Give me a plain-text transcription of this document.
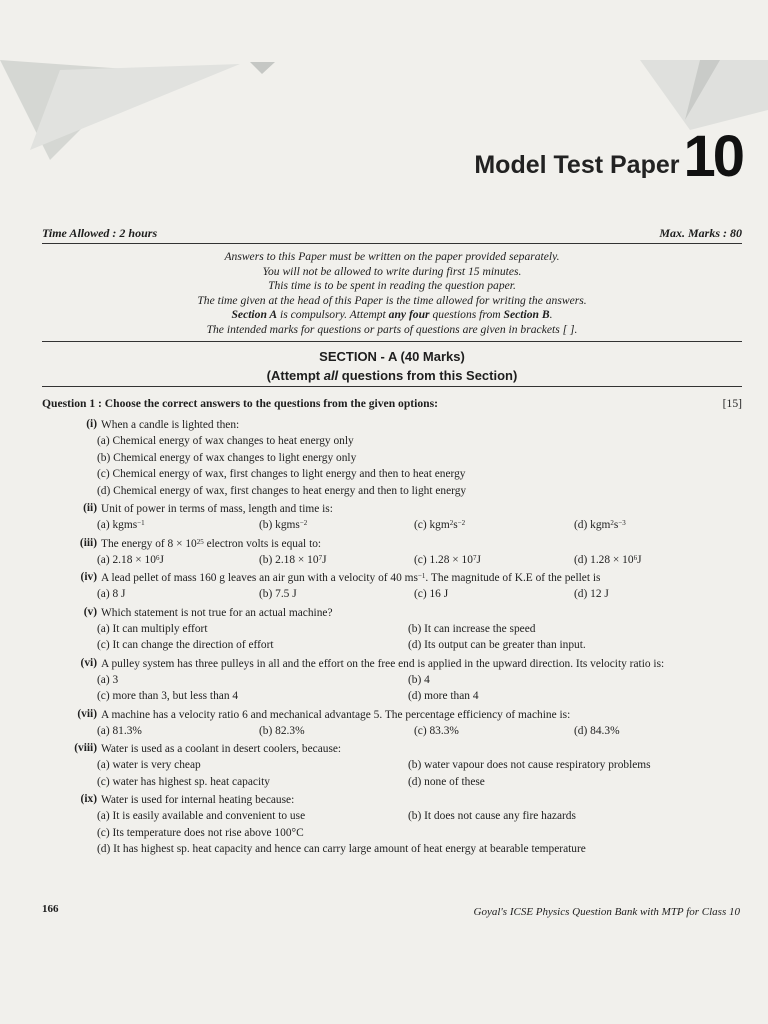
Model Test Paper 10
Time Allowed : 2 hours	Max. Marks : 80
Answers to this Paper must be written on the paper provided separately.
You will not be allowed to write during first 15 minutes.
This time is to be spent in reading the question paper.
The time given at the head of this Paper is the time allowed for writing the answers.
Section A is compulsory. Attempt any four questions from Section B.
The intended marks for questions or parts of questions are given in brackets [ ].
SECTION - A (40 Marks)
(Attempt all questions from this Section)
Question 1 : Choose the correct answers to the questions from the given options:	[15]
(i) When a candle is lighted then:
(a) Chemical energy of wax changes to heat energy only
(b) Chemical energy of wax changes to light energy only
(c) Chemical energy of wax, first changes to light energy and then to heat energy
(d) Chemical energy of wax, first changes to heat energy and then to light energy
(ii) Unit of power in terms of mass, length and time is:
(a) kgms$^{-1}$	(b) kgms$^{-2}$	(c) $kgm^2s^{-2}$	(d) $kgm^2s^{-3}$
(iii) The energy of $8 \times 10^{25}$ electron volts is equal to:
(a) $2.18 \times 10^6J$	(b) $2.18 \times 10^7J$	(c) $1.28 \times 10^7J$	(d) $1.28 \times 10^6J$
(iv) A lead pellet of mass 160 g leaves an air gun with a velocity of 40 $ms^{-1}$. The magnitude of K.E of the pellet is
(a) 8 J	(b) 7.5 J	(c) 16 J	(d) 12 J
(v) Which statement is not true for an actual machine?
(a) It can multiply effort	(b) It can increase the speed
(c) It can change the direction of effort	(d) Its output can be greater than input.
(vi) A pulley system has three pulleys in all and the effort on the free end is applied in the upward direction. Its velocity ratio is:
(a) 3	(b) 4
(c) more than 3, but less than 4	(d) more than 4
(vii) A machine has a velocity ratio 6 and mechanical advantage 5. The percentage efficiency of machine is:
(a) 81.3%	(b) 82.3%	(c) 83.3%	(d) 84.3%
(viii) Water is used as a coolant in desert coolers, because:
(a) water is very cheap	(b) water vapour does not cause respiratory problems
(c) water has highest sp. heat capacity	(d) none of these
(ix) Water is used for internal heating because:
(a) It is easily available and convenient to use	(b) It does not cause any fire hazards
(c) Its temperature does not rise above 100°C
(d) It has highest sp. heat capacity and hence can carry large amount of heat energy at bearable temperature
166	Goyal's ICSE Physics Question Bank with MTP for Class 10
